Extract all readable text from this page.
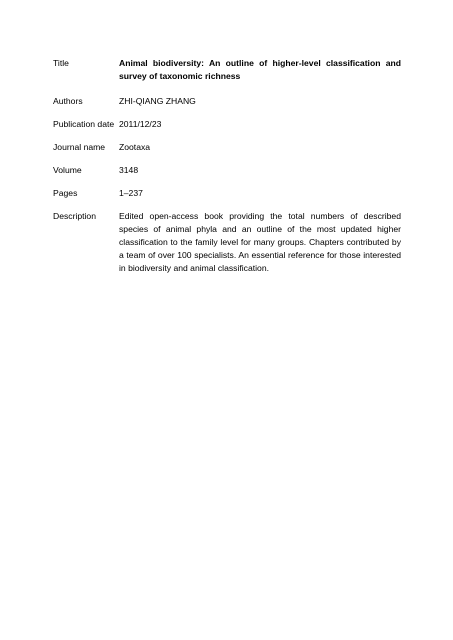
Title	Animal biodiversity: An outline of higher-level classification and survey of taxonomic richness
Authors	ZHI-QIANG ZHANG
Publication date 2011/12/23
Journal name	Zootaxa
Volume	3148
Pages	1–237
Description	Edited open-access book providing the total numbers of described species of animal phyla and an outline of the most updated higher classification to the family level for many groups. Chapters contributed by a team of over 100 specialists. An essential reference for those interested in biodiversity and animal classification.
